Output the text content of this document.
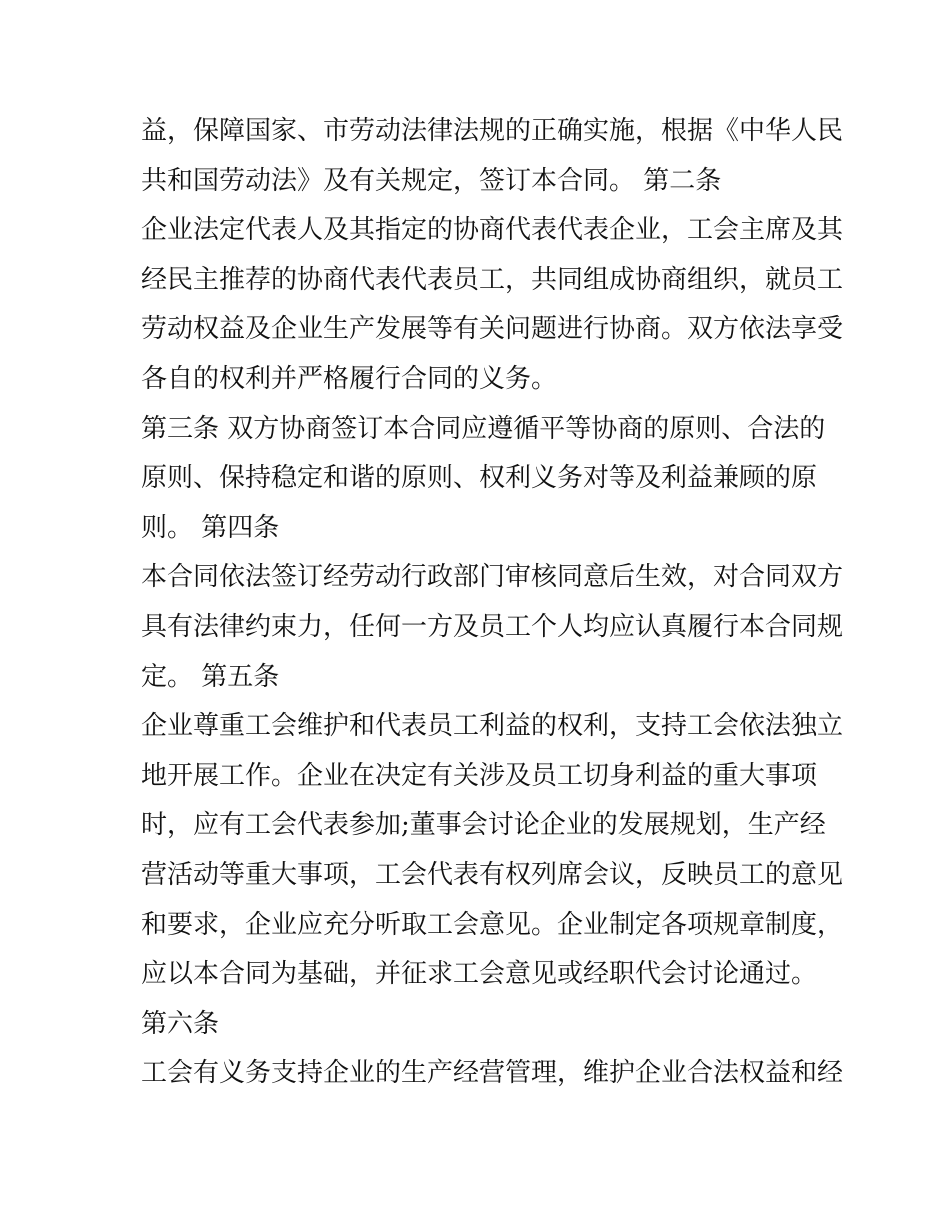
益，保障国家、市劳动法律法规的正确实施，根据《中华人民
共和国劳动法》及有关规定，签订本合同。 第二条
企业法定代表人及其指定的协商代表代表企业，工会主席及其
经民主推荐的协商代表代表员工，共同组成协商组织，就员工
劳动权益及企业生产发展等有关问题进行协商。双方依法享受
各自的权利并严格履行合同的义务。
第三条 双方协商签订本合同应遵循平等协商的原则、合法的
原则、保持稳定和谐的原则、权利义务对等及利益兼顾的原
则。 第四条
本合同依法签订经劳动行政部门审核同意后生效，对合同双方
具有法律约束力，任何一方及员工个人均应认真履行本合同规
定。 第五条
企业尊重工会维护和代表员工利益的权利，支持工会依法独立
地开展工作。企业在决定有关涉及员工切身利益的重大事项
时，应有工会代表参加;董事会讨论企业的发展规划，生产经
营活动等重大事项，工会代表有权列席会议，反映员工的意见
和要求，企业应充分听取工会意见。企业制定各项规章制度，
应以本合同为基础，并征求工会意见或经职代会讨论通过。
第六条
工会有义务支持企业的生产经营管理，维护企业合法权益和经
